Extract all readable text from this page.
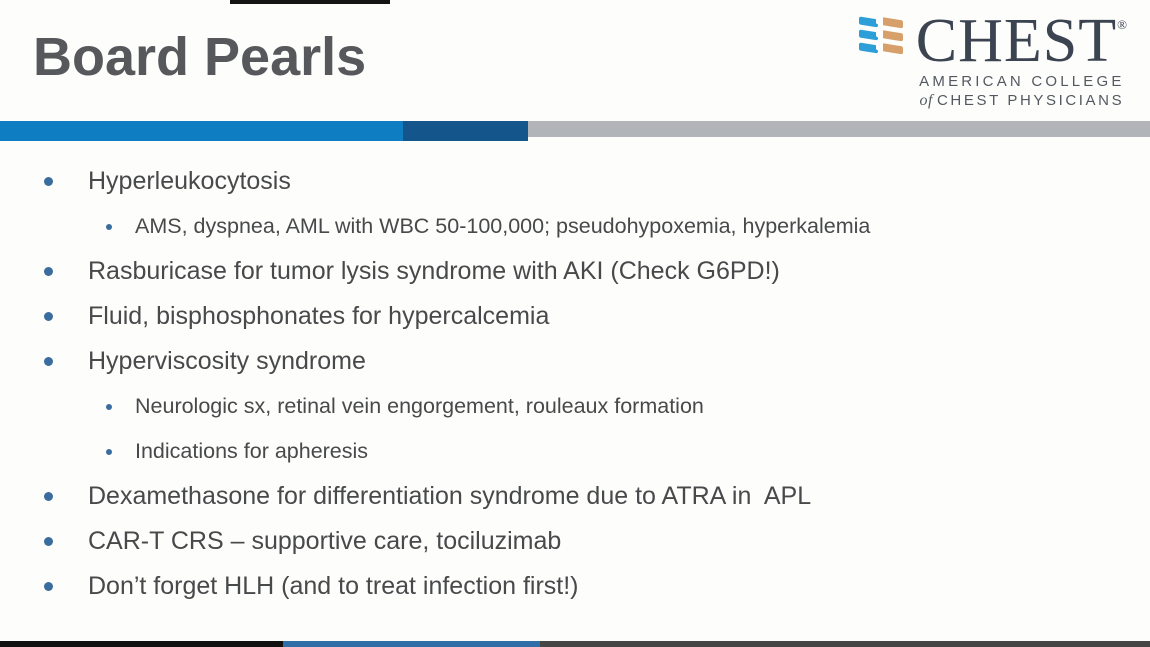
Board Pearls	CHEST ®
AMERICAN COLLEGE
of CHEST PHYSICIANS
Hyperleukocytosis
AMS, dyspnea, AML with WBC 50-100,000; pseudohypoxemia, hyperkalemia
Rasburicase for tumor lysis syndrome with AKI (Check G6PD!)
Fluid, bisphosphonates for hypercalcemia
Hyperviscosity syndrome
Neurologic sx, retinal vein engorgement, rouleaux formation
Indications for apheresis
Dexamethasone for differentiation syndrome due to ATRA in  APL
CAR-T CRS – supportive care, tociluzimab
Don’t forget HLH (and to treat infection first!)
